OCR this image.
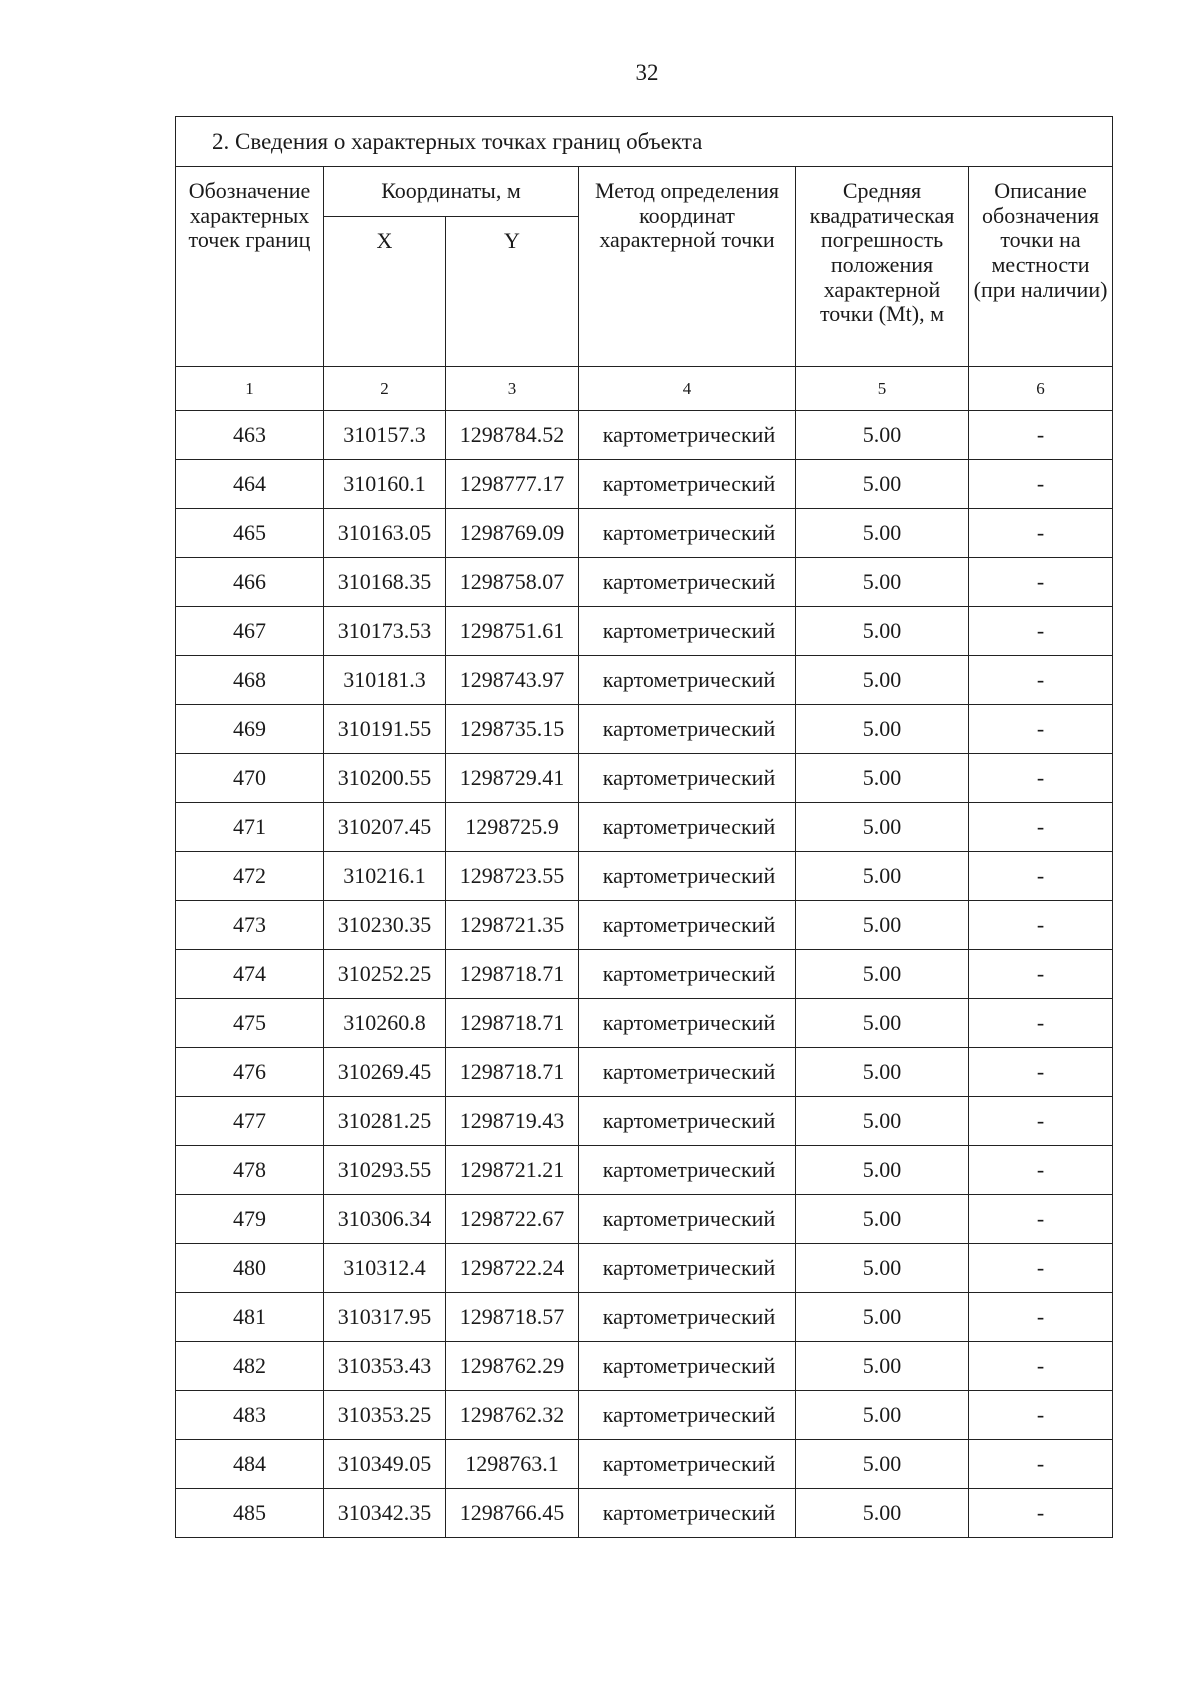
32
2. Сведения о характерных точках границ объекта					
Обозначение характерных точек границ	Координаты, м		Метод определения координат характерной точки	Средняя квадратическая погрешность положения характерной точки (Mt), м	Описание обозначения точки на местности (при наличии)
	X	Y			
1	2	3	4	5	6
463	310157.3	1298784.52	картометрический	5.00	-
464	310160.1	1298777.17	картометрический	5.00	-
465	310163.05	1298769.09	картометрический	5.00	-
466	310168.35	1298758.07	картометрический	5.00	-
467	310173.53	1298751.61	картометрический	5.00	-
468	310181.3	1298743.97	картометрический	5.00	-
469	310191.55	1298735.15	картометрический	5.00	-
470	310200.55	1298729.41	картометрический	5.00	-
471	310207.45	1298725.9	картометрический	5.00	-
472	310216.1	1298723.55	картометрический	5.00	-
473	310230.35	1298721.35	картометрический	5.00	-
474	310252.25	1298718.71	картометрический	5.00	-
475	310260.8	1298718.71	картометрический	5.00	-
476	310269.45	1298718.71	картометрический	5.00	-
477	310281.25	1298719.43	картометрический	5.00	-
478	310293.55	1298721.21	картометрический	5.00	-
479	310306.34	1298722.67	картометрический	5.00	-
480	310312.4	1298722.24	картометрический	5.00	-
481	310317.95	1298718.57	картометрический	5.00	-
482	310353.43	1298762.29	картометрический	5.00	-
483	310353.25	1298762.32	картометрический	5.00	-
484	310349.05	1298763.1	картометрический	5.00	-
485	310342.35	1298766.45	картометрический	5.00	-
